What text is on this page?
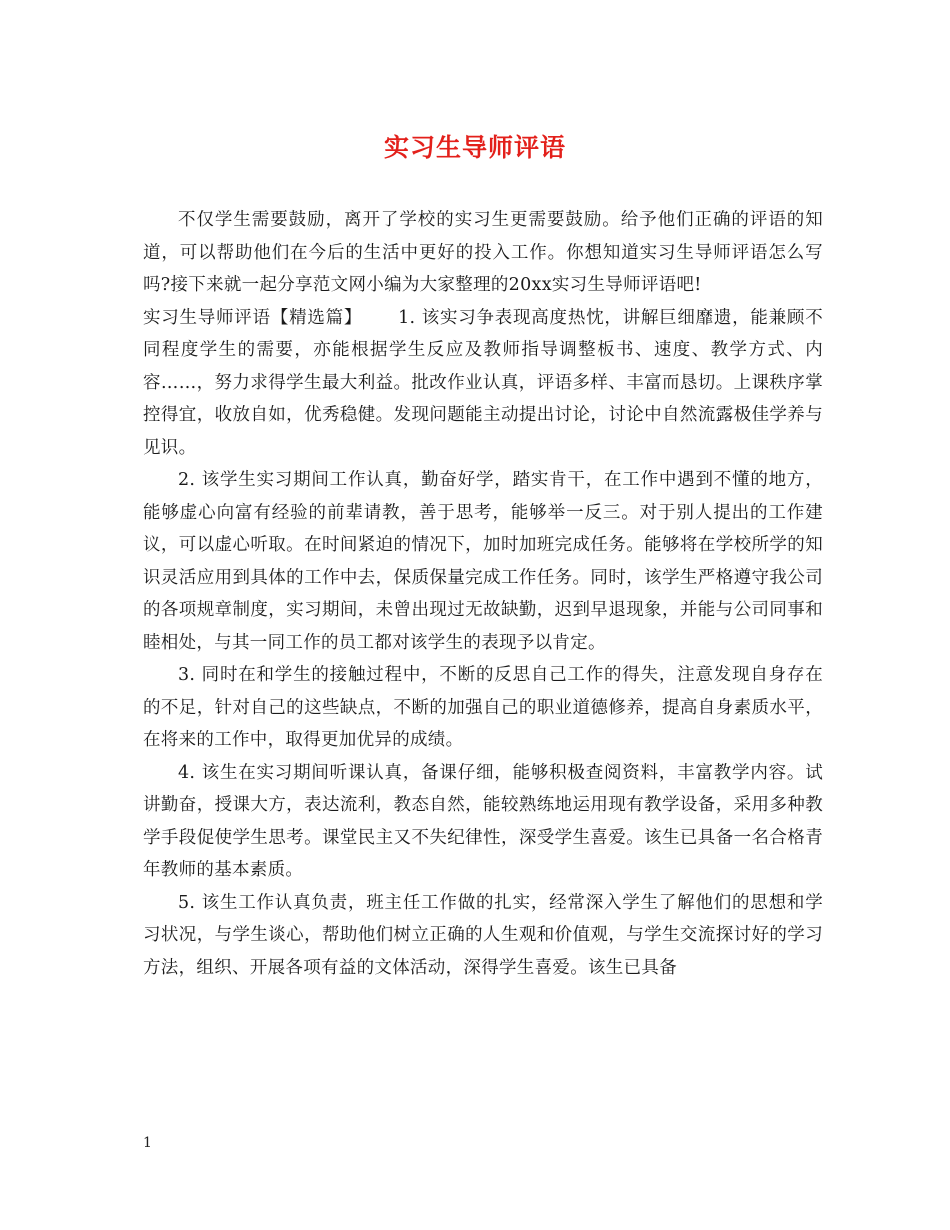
实习生导师评语

不仅学生需要鼓励，离开了学校的实习生更需要鼓励。给予他们正确的评语的知道，可以帮助他们在今后的生活中更好的投入工作。你想知道实习生导师评语怎么写吗?接下来就一起分享范文网小编为大家整理的20xx实习生导师评语吧!

实习生导师评语【精选篇】 1. 该实习争表现高度热忱，讲解巨细靡遗，能兼顾不同程度学生的需要，亦能根据学生反应及教师指导调整板书、速度、教学方式、内容……，努力求得学生最大利益。批改作业认真，评语多样、丰富而恳切。上课秩序掌控得宜，收放自如，优秀稳健。发现问题能主动提出讨论，讨论中自然流露极佳学养与见识。

2. 该学生实习期间工作认真，勤奋好学，踏实肯干，在工作中遇到不懂的地方，能够虚心向富有经验的前辈请教，善于思考，能够举一反三。对于别人提出的工作建议，可以虚心听取。在时间紧迫的情况下，加时加班完成任务。能够将在学校所学的知识灵活应用到具体的工作中去，保质保量完成工作任务。同时，该学生严格遵守我公司的各项规章制度，实习期间，未曾出现过无故缺勤，迟到早退现象，并能与公司同事和睦相处，与其一同工作的员工都对该学生的表现予以肯定。

3. 同时在和学生的接触过程中，不断的反思自己工作的得失，注意发现自身存在的不足，针对自己的这些缺点，不断的加强自己的职业道德修养，提高自身素质水平，在将来的工作中，取得更加优异的成绩。

4. 该生在实习期间听课认真，备课仔细，能够积极查阅资料，丰富教学内容。试讲勤奋，授课大方，表达流利，教态自然，能较熟练地运用现有教学设备，采用多种教学手段促使学生思考。课堂民主又不失纪律性，深受学生喜爱。该生已具备一名合格青年教师的基本素质。

5. 该生工作认真负责，班主任工作做的扎实，经常深入学生了解他们的思想和学习状况，与学生谈心，帮助他们树立正确的人生观和价值观，与学生交流探讨好的学习方法，组织、开展各项有益的文体活动，深得学生喜爱。该生已具备

1
